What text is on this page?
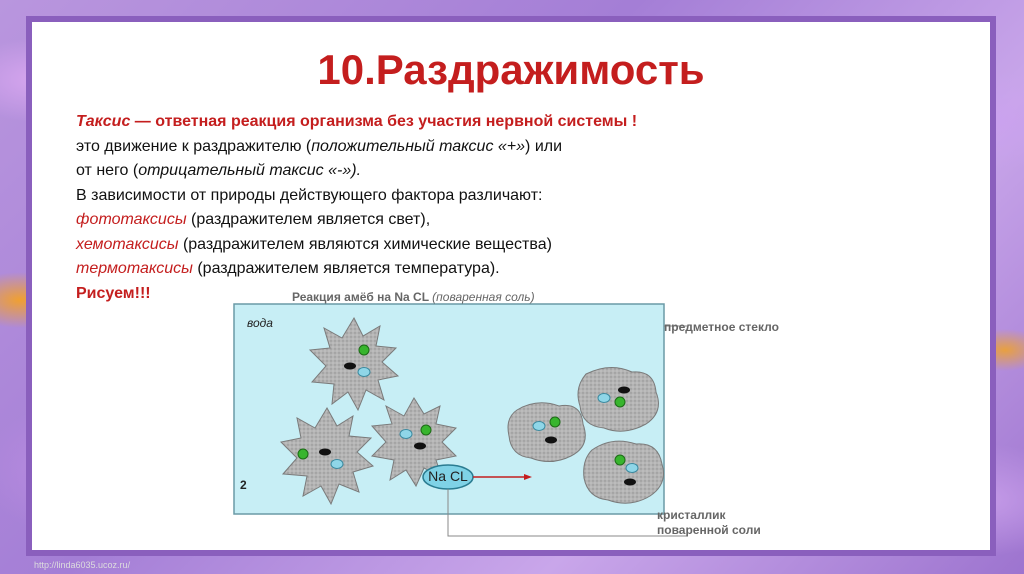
10.Раздражимость
Таксис — ответная реакция организма без участия нервной системы !
это движение к раздражителю (положительный таксис «+») или
от него (отрицательный таксис «-»).
В зависимости от природы действующего фактора различают:
фототаксисы (раздражителем является свет),
хемотаксисы (раздражителем являются химические вещества)
термотаксисы (раздражителем является температура).
Рисуем!!!	Реакция амёб на Na CL (поваренная соль)
вода
2
Na CL
предметное стекло
кристаллик
поваренной соли
http://linda6035.ucoz.ru/
